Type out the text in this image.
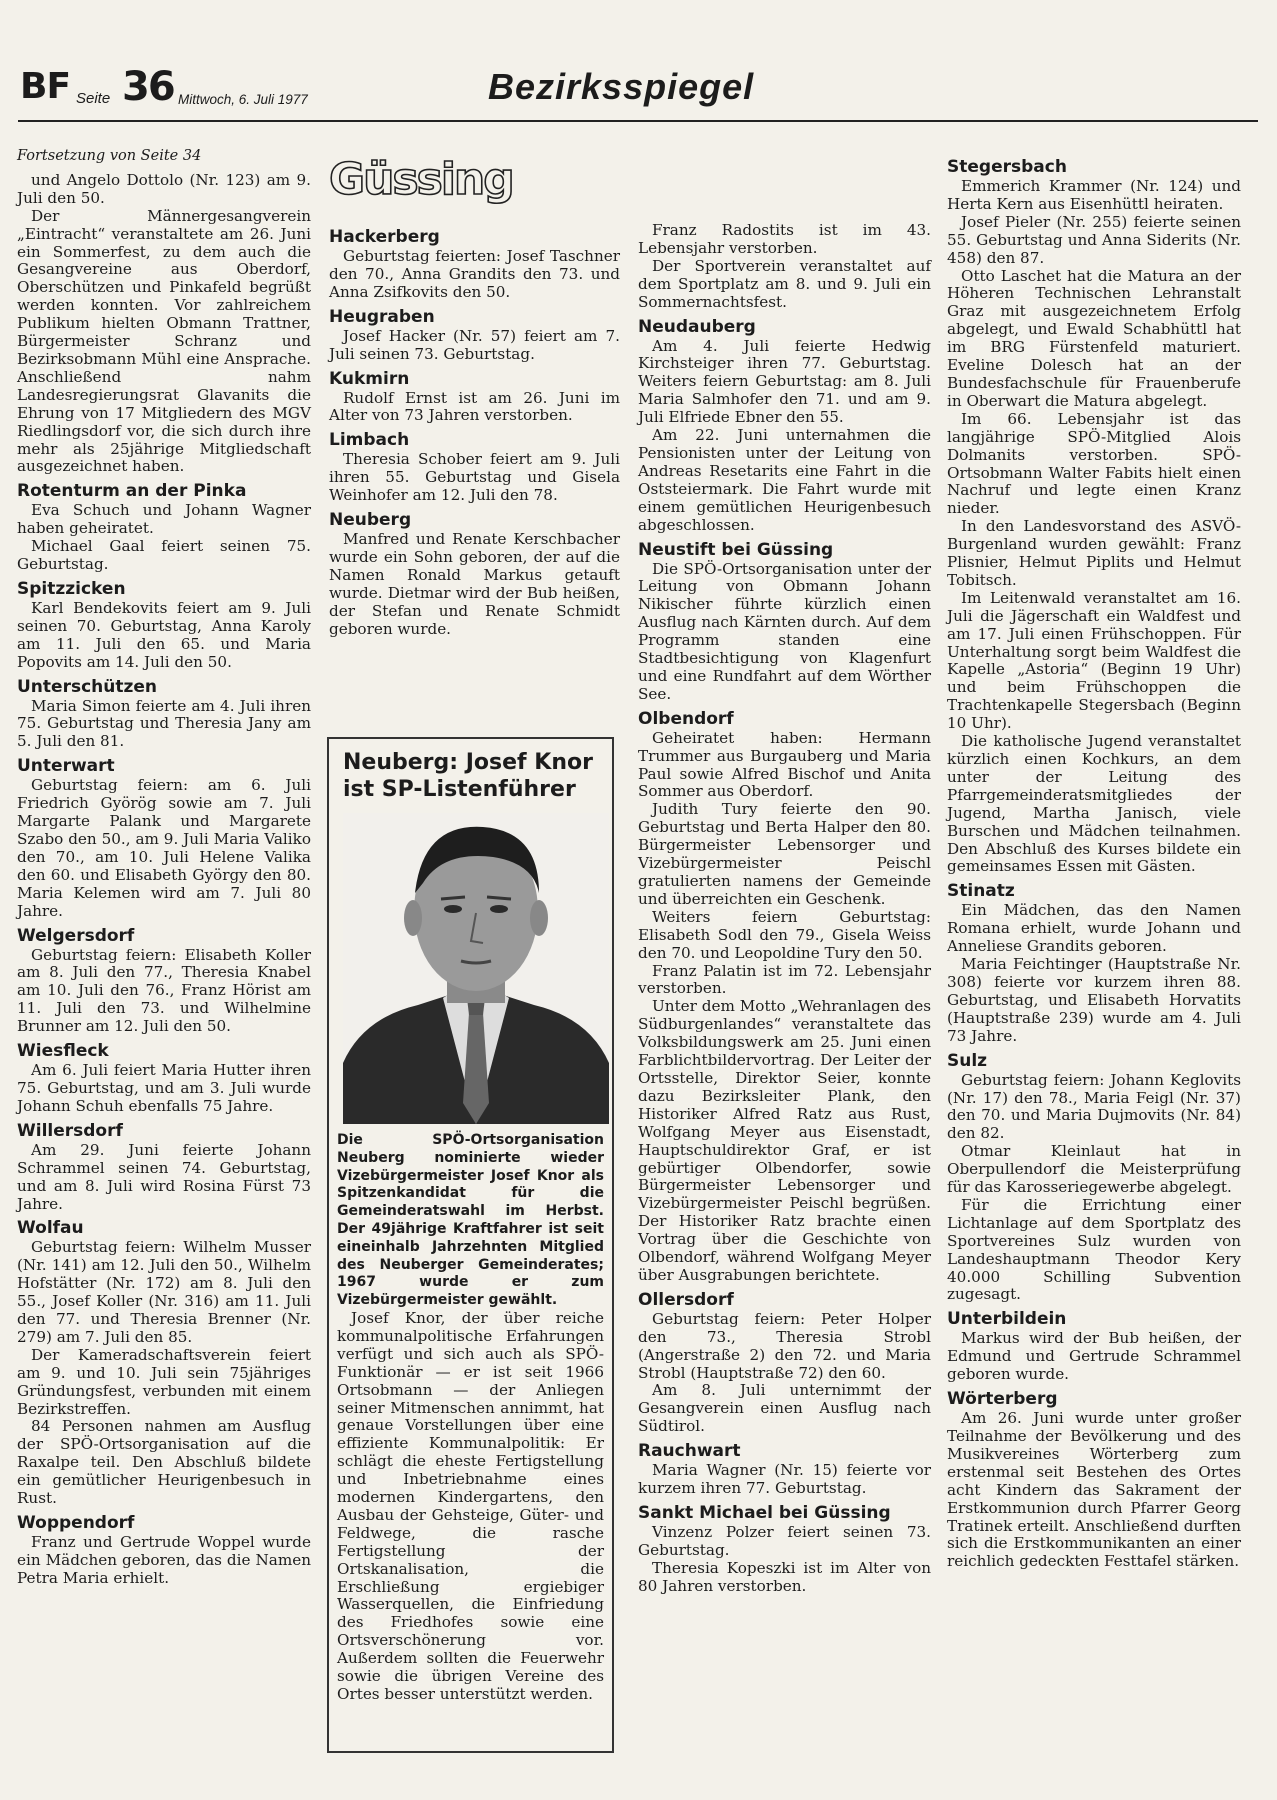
BF Seite 36 Mittwoch, 6. Juli 1977	Bezirksspiegel

Fortsetzung von Seite 34

und Angelo Dottolo (Nr. 123) am 9. Juli den 50.

Der Männergesangverein „Eintracht“ veranstaltete am 26. Juni ein Sommerfest, zu dem auch die Gesangvereine aus Oberdorf, Oberschützen und Pinkafeld begrüßt werden konnten. Vor zahlreichem Publikum hielten Obmann Trattner, Bürgermeister Schranz und Bezirksobmann Mühl eine Ansprache. Anschließend nahm Landesregierungsrat Glavanits die Ehrung von 17 Mitgliedern des MGV Riedlingsdorf vor, die sich durch ihre mehr als 25jährige Mitgliedschaft ausgezeichnet haben.

Rotenturm an der Pinka

Eva Schuch und Johann Wagner haben geheiratet.

Michael Gaal feiert seinen 75. Geburtstag.

Spitzzicken

Karl Bendekovits feiert am 9. Juli seinen 70. Geburtstag, Anna Karoly am 11. Juli den 65. und Maria Popovits am 14. Juli den 50.

Unterschützen

Maria Simon feierte am 4. Juli ihren 75. Geburtstag und Theresia Jany am 5. Juli den 81.

Unterwart

Geburtstag feiern: am 6. Juli Friedrich Györög sowie am 7. Juli Margarte Palank und Margarete Szabo den 50., am 9. Juli Maria Valiko den 70., am 10. Juli Helene Valika den 60. und Elisabeth György den 80. Maria Kelemen wird am 7. Juli 80 Jahre.

Welgersdorf

Geburtstag feiern: Elisabeth Koller am 8. Juli den 77., Theresia Knabel am 10. Juli den 76., Franz Hörist am 11. Juli den 73. und Wilhelmine Brunner am 12. Juli den 50.

Wiesfleck

Am 6. Juli feiert Maria Hutter ihren 75. Geburtstag, und am 3. Juli wurde Johann Schuh ebenfalls 75 Jahre.

Willersdorf

Am 29. Juni feierte Johann Schrammel seinen 74. Geburtstag, und am 8. Juli wird Rosina Fürst 73 Jahre.

Wolfau

Geburtstag feiern: Wilhelm Musser (Nr. 141) am 12. Juli den 50., Wilhelm Hofstätter (Nr. 172) am 8. Juli den 55., Josef Koller (Nr. 316) am 11. Juli den 77. und Theresia Brenner (Nr. 279) am 7. Juli den 85.

Der Kameradschaftsverein feiert am 9. und 10. Juli sein 75jähriges Gründungsfest, verbunden mit einem Bezirkstreffen.

84 Personen nahmen am Ausflug der SPÖ-Ortsorganisation auf die Raxalpe teil. Den Abschluß bildete ein gemütlicher Heurigenbesuch in Rust.

Woppendorf

Franz und Gertrude Woppel wurde ein Mädchen geboren, das die Namen Petra Maria erhielt.

Güssing
Hackerberg

Geburtstag feierten: Josef Taschner den 70., Anna Grandits den 73. und Anna Zsifkovits den 50.

Heugraben

Josef Hacker (Nr. 57) feiert am 7. Juli seinen 73. Geburtstag.

Kukmirn

Rudolf Ernst ist am 26. Juni im Alter von 73 Jahren verstorben.

Limbach

Theresia Schober feiert am 9. Juli ihren 55. Geburtstag und Gisela Weinhofer am 12. Juli den 78.

Neuberg

Manfred und Renate Kerschbacher wurde ein Sohn geboren, der auf die Namen Ronald Markus getauft wurde. Dietmar wird der Bub heißen, der Stefan und Renate Schmidt geboren wurde.

Neuberg: Josef Knor ist SP-Listenführer
Die SPÖ-Ortsorganisation Neuberg nominierte wieder Vizebürgermeister Josef Knor als Spitzenkandidat für die Gemeinderatswahl im Herbst. Der 49jährige Kraftfahrer ist seit eineinhalb Jahrzehnten Mitglied des Neuberger Gemeinderates; 1967 wurde er zum Vizebürgermeister gewählt.

Josef Knor, der über reiche kommunalpolitische Erfahrungen verfügt und sich auch als SPÖ-Funktionär — er ist seit 1966 Ortsobmann — der Anliegen seiner Mitmenschen annimmt, hat genaue Vorstellungen über eine effiziente Kommunalpolitik: Er schlägt die eheste Fertigstellung und Inbetriebnahme eines modernen Kindergartens, den Ausbau der Gehsteige, Güter- und Feldwege, die rasche Fertigstellung der Ortskanalisation, die Erschließung ergiebiger Wasserquellen, die Einfriedung des Friedhofes sowie eine Ortsverschönerung vor. Außerdem sollten die Feuerwehr sowie die übrigen Vereine des Ortes besser unterstützt werden.

Franz Radostits ist im 43. Lebensjahr verstorben.

Der Sportverein veranstaltet auf dem Sportplatz am 8. und 9. Juli ein Sommernachtsfest.

Neudauberg

Am 4. Juli feierte Hedwig Kirchsteiger ihren 77. Geburtstag. Weiters feiern Geburtstag: am 8. Juli Maria Salmhofer den 71. und am 9. Juli Elfriede Ebner den 55.

Am 22. Juni unternahmen die Pensionisten unter der Leitung von Andreas Resetarits eine Fahrt in die Oststeiermark. Die Fahrt wurde mit einem gemütlichen Heurigenbesuch abgeschlossen.

Neustift bei Güssing

Die SPÖ-Ortsorganisation unter der Leitung von Obmann Johann Nikischer führte kürzlich einen Ausflug nach Kärnten durch. Auf dem Programm standen eine Stadtbesichtigung von Klagenfurt und eine Rundfahrt auf dem Wörther See.

Olbendorf

Geheiratet haben: Hermann Trummer aus Burgauberg und Maria Paul sowie Alfred Bischof und Anita Sommer aus Oberdorf.

Judith Tury feierte den 90. Geburtstag und Berta Halper den 80. Bürgermeister Lebensorger und Vizebürgermeister Peischl gratulierten namens der Gemeinde und überreichten ein Geschenk.

Weiters feiern Geburtstag: Elisabeth Sodl den 79., Gisela Weiss den 70. und Leopoldine Tury den 50.

Franz Palatin ist im 72. Lebensjahr verstorben.

Unter dem Motto „Wehranlagen des Südburgenlandes“ veranstaltete das Volksbildungswerk am 25. Juni einen Farblichtbildervortrag. Der Leiter der Ortsstelle, Direktor Seier, konnte dazu Bezirksleiter Plank, den Historiker Alfred Ratz aus Rust, Wolfgang Meyer aus Eisenstadt, Hauptschuldirektor Graf, er ist gebürtiger Olbendorfer, sowie Bürgermeister Lebensorger und Vizebürgermeister Peischl begrüßen. Der Historiker Ratz brachte einen Vortrag über die Geschichte von Olbendorf, während Wolfgang Meyer über Ausgrabungen berichtete.

Ollersdorf

Geburtstag feiern: Peter Holper den 73., Theresia Strobl (Angerstraße 2) den 72. und Maria Strobl (Hauptstraße 72) den 60.

Am 8. Juli unternimmt der Gesangverein einen Ausflug nach Südtirol.

Rauchwart

Maria Wagner (Nr. 15) feierte vor kurzem ihren 77. Geburtstag.

Sankt Michael bei Güssing

Vinzenz Polzer feiert seinen 73. Geburtstag.

Theresia Kopeszki ist im Alter von 80 Jahren verstorben.

Stegersbach

Emmerich Krammer (Nr. 124) und Herta Kern aus Eisenhüttl heiraten.

Josef Pieler (Nr. 255) feierte seinen 55. Geburtstag und Anna Siderits (Nr. 458) den 87.

Otto Laschet hat die Matura an der Höheren Technischen Lehranstalt Graz mit ausgezeichnetem Erfolg abgelegt, und Ewald Schabhüttl hat im BRG Fürstenfeld maturiert. Eveline Dolesch hat an der Bundesfachschule für Frauenberufe in Oberwart die Matura abgelegt.

Im 66. Lebensjahr ist das langjährige SPÖ-Mitglied Alois Dolmanits verstorben. SPÖ-Ortsobmann Walter Fabits hielt einen Nachruf und legte einen Kranz nieder.

In den Landesvorstand des ASVÖ-Burgenland wurden gewählt: Franz Plisnier, Helmut Piplits und Helmut Tobitsch.

Im Leitenwald veranstaltet am 16. Juli die Jägerschaft ein Waldfest und am 17. Juli einen Frühschoppen. Für Unterhaltung sorgt beim Waldfest die Kapelle „Astoria“ (Beginn 19 Uhr) und beim Frühschoppen die Trachtenkapelle Stegersbach (Beginn 10 Uhr).

Die katholische Jugend veranstaltet kürzlich einen Kochkurs, an dem unter der Leitung des Pfarrgemeinderatsmitgliedes der Jugend, Martha Janisch, viele Burschen und Mädchen teilnahmen. Den Abschluß des Kurses bildete ein gemeinsames Essen mit Gästen.

Stinatz

Ein Mädchen, das den Namen Romana erhielt, wurde Johann und Anneliese Grandits geboren.

Maria Feichtinger (Hauptstraße Nr. 308) feierte vor kurzem ihren 88. Geburtstag, und Elisabeth Horvatits (Hauptstraße 239) wurde am 4. Juli 73 Jahre.

Sulz

Geburtstag feiern: Johann Keglovits (Nr. 17) den 78., Maria Feigl (Nr. 37) den 70. und Maria Dujmovits (Nr. 84) den 82.

Otmar Kleinlaut hat in Oberpullendorf die Meisterprüfung für das Karosseriegewerbe abgelegt.

Für die Errichtung einer Lichtanlage auf dem Sportplatz des Sportvereines Sulz wurden von Landeshauptmann Theodor Kery 40.000 Schilling Subvention zugesagt.

Unterbildein

Markus wird der Bub heißen, der Edmund und Gertrude Schrammel geboren wurde.

Wörterberg

Am 26. Juni wurde unter großer Teilnahme der Bevölkerung und des Musikvereines Wörterberg zum erstenmal seit Bestehen des Ortes acht Kindern das Sakrament der Erstkommunion durch Pfarrer Georg Tratinek erteilt. Anschließend durften sich die Erstkommunikanten an einer reichlich gedeckten Festtafel stärken.
